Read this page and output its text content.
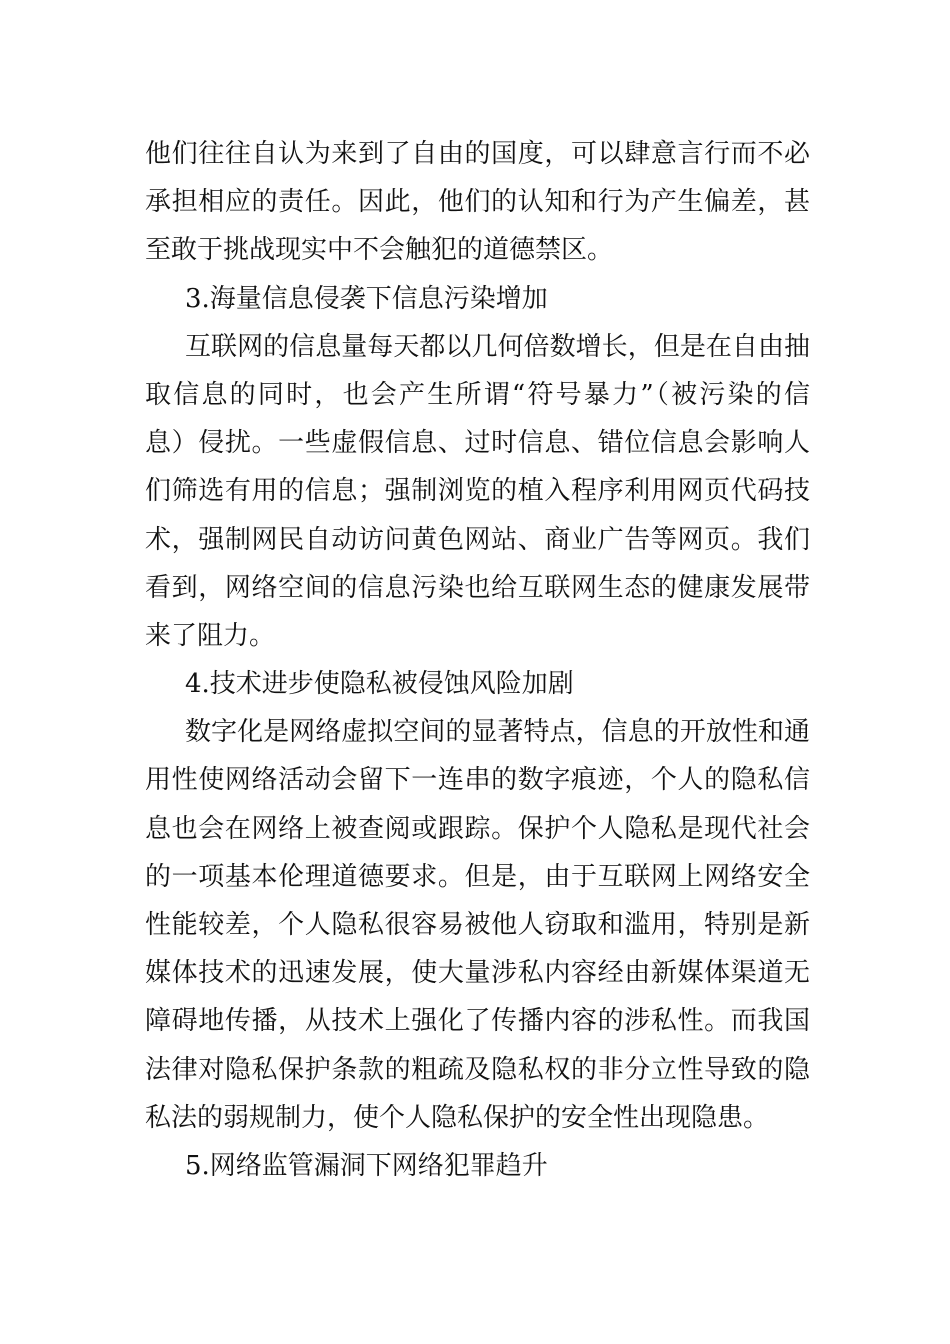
他们往往自认为来到了自由的国度，可以肆意言行而不必
承担相应的责任。因此，他们的认知和行为产生偏差，甚
至敢于挑战现实中不会触犯的道德禁区。
3.海量信息侵袭下信息污染增加
互联网的信息量每天都以几何倍数增长，但是在自由抽
取信息的同时，也会产生所谓“符号暴力”（被污染的信
息）侵扰。一些虚假信息、过时信息、错位信息会影响人
们筛选有用的信息；强制浏览的植入程序利用网页代码技
术，强制网民自动访问黄色网站、商业广告等网页。我们
看到，网络空间的信息污染也给互联网生态的健康发展带
来了阻力。
4.技术进步使隐私被侵蚀风险加剧
数字化是网络虚拟空间的显著特点，信息的开放性和通
用性使网络活动会留下一连串的数字痕迹，个人的隐私信
息也会在网络上被查阅或跟踪。保护个人隐私是现代社会
的一项基本伦理道德要求。但是，由于互联网上网络安全
性能较差，个人隐私很容易被他人窃取和滥用，特别是新
媒体技术的迅速发展，使大量涉私内容经由新媒体渠道无
障碍地传播，从技术上强化了传播内容的涉私性。而我国
法律对隐私保护条款的粗疏及隐私权的非分立性导致的隐
私法的弱规制力，使个人隐私保护的安全性出现隐患。
5.网络监管漏洞下网络犯罪趋升
